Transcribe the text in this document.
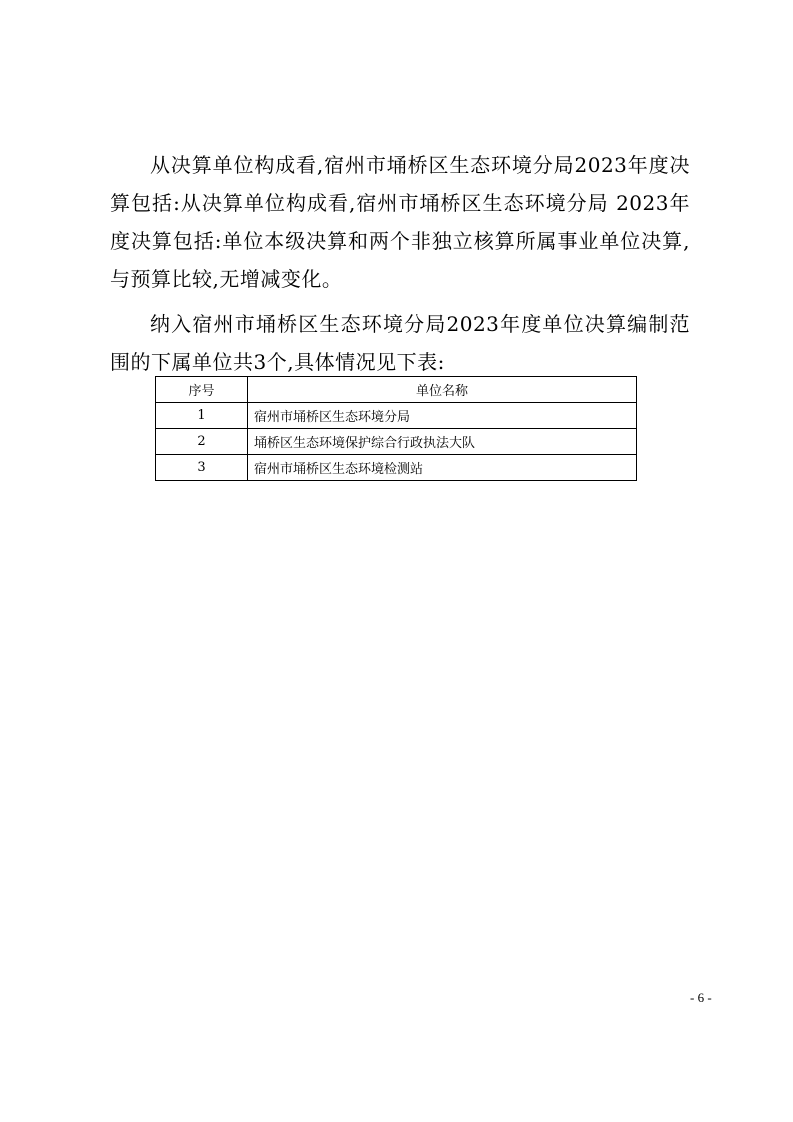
从决算单位构成看,宿州市埇桥区生态环境分局2023年度决算包括:从决算单位构成看,宿州市埇桥区生态环境分局 2023年度决算包括:单位本级决算和两个非独立核算所属事业单位决算,与预算比较,无增减变化。

纳入宿州市埇桥区生态环境分局2023年度单位决算编制范围的下属单位共3个,具体情况见下表:

序号	单位名称
1	宿州市埇桥区生态环境分局
2	埇桥区生态环境保护综合行政执法大队
3	宿州市埇桥区生态环境检测站
- 6 -
